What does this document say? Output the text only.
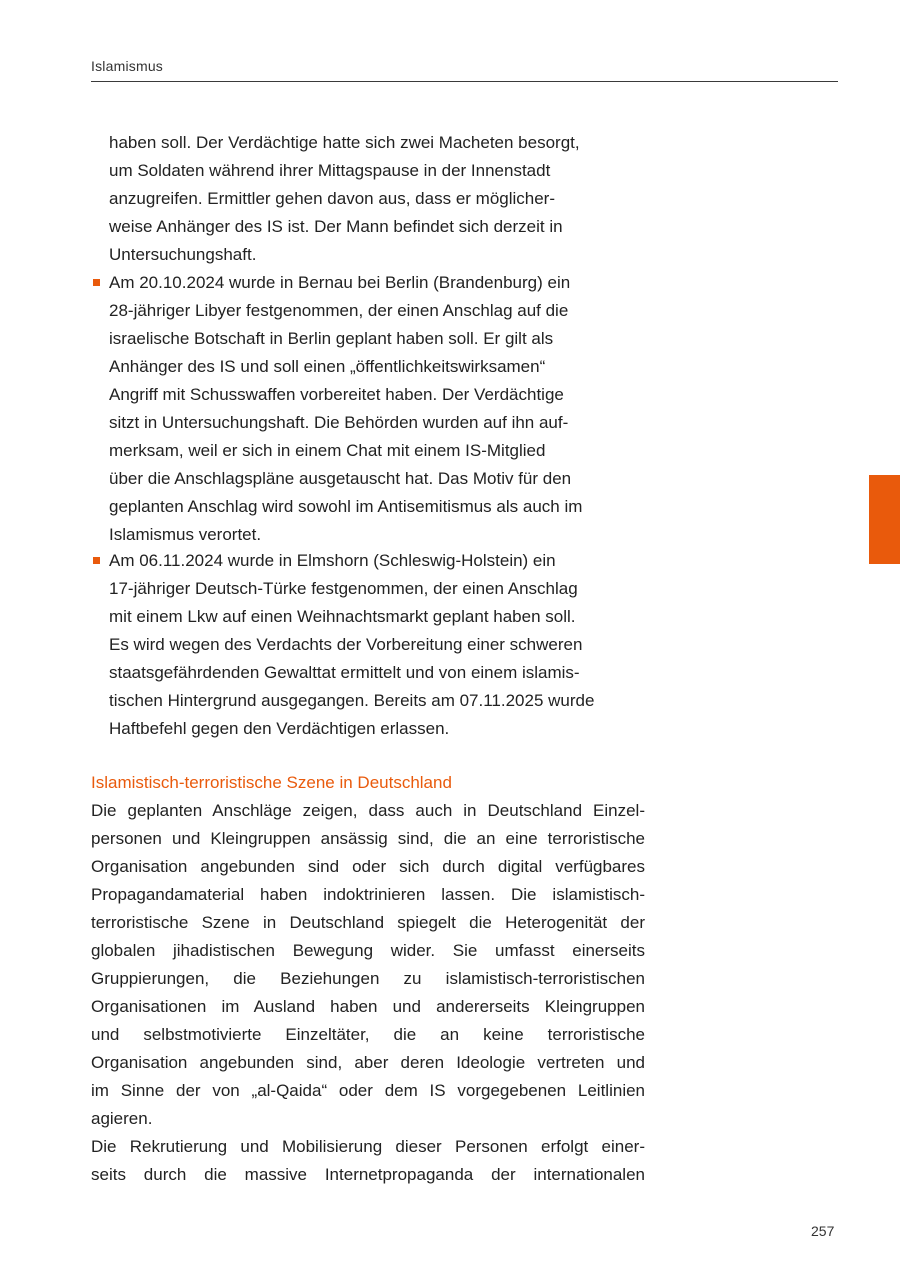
Islamismus
haben soll. Der Verdächtige hatte sich zwei Macheten besorgt,
um Soldaten während ihrer Mittagspause in der Innenstadt
anzugreifen. Ermittler gehen davon aus, dass er möglicher-
weise Anhänger des IS ist. Der Mann befindet sich derzeit in
Untersuchungshaft.
Am 20.10.2024 wurde in Bernau bei Berlin (Brandenburg) ein
28-jähriger Libyer festgenommen, der einen Anschlag auf die
israelische Botschaft in Berlin geplant haben soll. Er gilt als
Anhänger des IS und soll einen „öffentlichkeitswirksamen“
Angriff mit Schusswaffen vorbereitet haben. Der Verdächtige
sitzt in Untersuchungshaft. Die Behörden wurden auf ihn auf-
merksam, weil er sich in einem Chat mit einem IS-Mitglied
über die Anschlagspläne ausgetauscht hat. Das Motiv für den
geplanten Anschlag wird sowohl im Antisemitismus als auch im
Islamismus verortet.
Am 06.11.2024 wurde in Elmshorn (Schleswig-Holstein) ein
17-jähriger Deutsch-Türke festgenommen, der einen Anschlag
mit einem Lkw auf einen Weihnachtsmarkt geplant haben soll.
Es wird wegen des Verdachts der Vorbereitung einer schweren
staatsgefährdenden Gewalttat ermittelt und von einem islamis-
tischen Hintergrund ausgegangen. Bereits am 07.11.2025 wurde
Haftbefehl gegen den Verdächtigen erlassen.
Islamistisch-terroristische Szene in Deutschland
Die geplanten Anschläge zeigen, dass auch in Deutschland Einzel-
personen und Kleingruppen ansässig sind, die an eine terroristische
Organisation angebunden sind oder sich durch digital verfügbares
Propagandamaterial haben indoktrinieren lassen. Die islamistisch-
terroristische Szene in Deutschland spiegelt die Heterogenität der
globalen jihadistischen Bewegung wider. Sie umfasst einerseits
Gruppierungen, die Beziehungen zu islamistisch-terroristischen
Organisationen im Ausland haben und andererseits Kleingruppen
und selbstmotivierte Einzeltäter, die an keine terroristische
Organisation angebunden sind, aber deren Ideologie vertreten und
im Sinne der von „al-Qaida“ oder dem IS vorgegebenen Leitlinien
agieren.
Die Rekrutierung und Mobilisierung dieser Personen erfolgt einer-
seits durch die massive Internetpropaganda der internationalen
257
